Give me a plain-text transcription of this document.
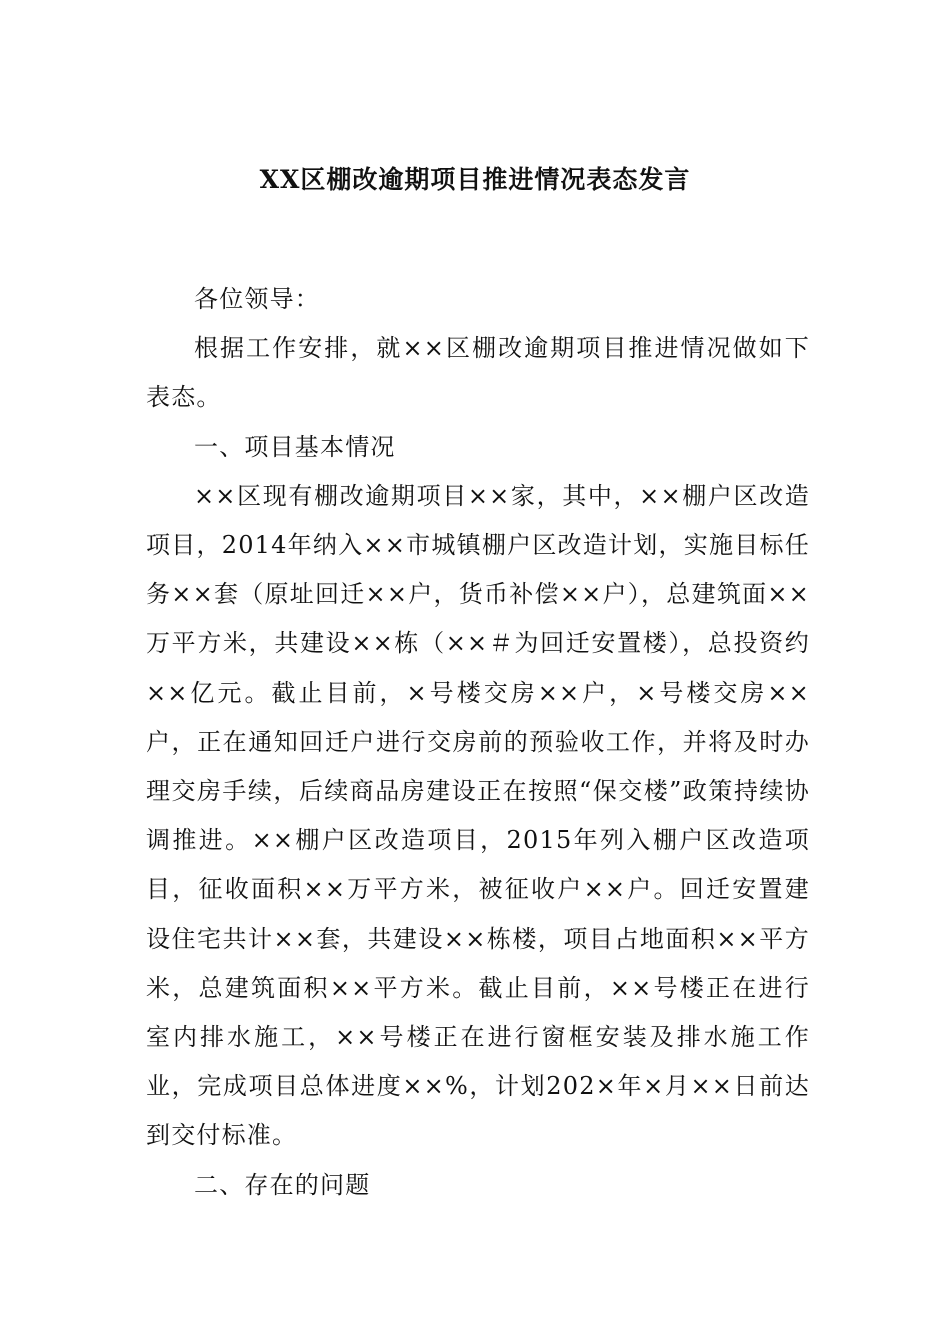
XX区棚改逾期项目推进情况表态发言

各位领导：

根据工作安排，就××区棚改逾期项目推进情况做如下表态。

一、项目基本情况

××区现有棚改逾期项目××家，其中，××棚户区改造项目，2014年纳入××市城镇棚户区改造计划，实施目标任务××套（原址回迁××户，货币补偿××户），总建筑面××万平方米，共建设××栋（××＃为回迁安置楼），总投资约××亿元。截止目前，×号楼交房××户，×号楼交房××户，正在通知回迁户进行交房前的预验收工作，并将及时办理交房手续，后续商品房建设正在按照“保交楼”政策持续协调推进。××棚户区改造项目，2015年列入棚户区改造项目，征收面积××万平方米，被征收户××户。回迁安置建设住宅共计××套，共建设××栋楼，项目占地面积××平方米，总建筑面积××平方米。截止目前，××号楼正在进行室内排水施工，××号楼正在进行窗框安装及排水施工作业，完成项目总体进度××%，计划202×年×月××日前达到交付标准。

二、存在的问题
